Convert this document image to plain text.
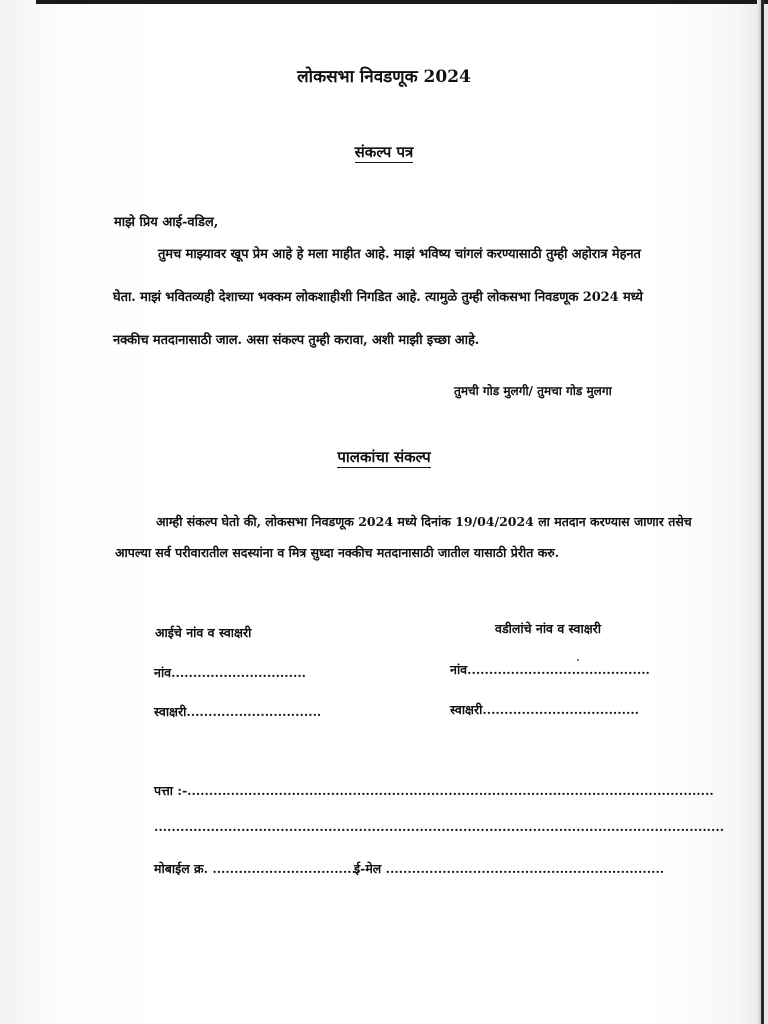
लोकसभा निवडणूक 2024
संकल्प पत्र
माझे प्रिय आई-वडिल,
तुमच माझ्यावर खूप प्रेम आहे हे मला माहीत आहे. माझं भविष्य चांगलं करण्यासाठी तुम्ही अहोरात्र मेहनत
घेता. माझं भवितव्यही देशाच्या भक्कम लोकशाहीशी निगडित आहे. त्यामुळे तुम्ही लोकसभा निवडणूक 2024 मध्ये
नक्कीच मतदानासाठी जाल. असा संकल्प तुम्ही करावा, अशी माझी इच्छा आहे.
तुमची गोड मुलगी/ तुमचा गोड मुलगा
पालकांचा संकल्प
आम्ही संकल्प घेतो की, लोकसभा निवडणूक 2024 मध्ये दिनांक 19/04/2024 ला मतदान करण्यास जाणार तसेच
आपल्या सर्व परीवारातील सदस्यांना व मित्र सुध्दा नक्कीच मतदानासाठी जातील यासाठी प्रेरीत करु.
आईचे नांव व स्वाक्षरी	वडीलांचे नांव व स्वाक्षरी
नांव...............................	नांव..........................................
स्वाक्षरी...............................	स्वाक्षरी....................................
पत्ता :-.........................................................................................................................
...................................................................................................................................
मोबाईल क्र. ..................................
ई-मेल ................................................................
